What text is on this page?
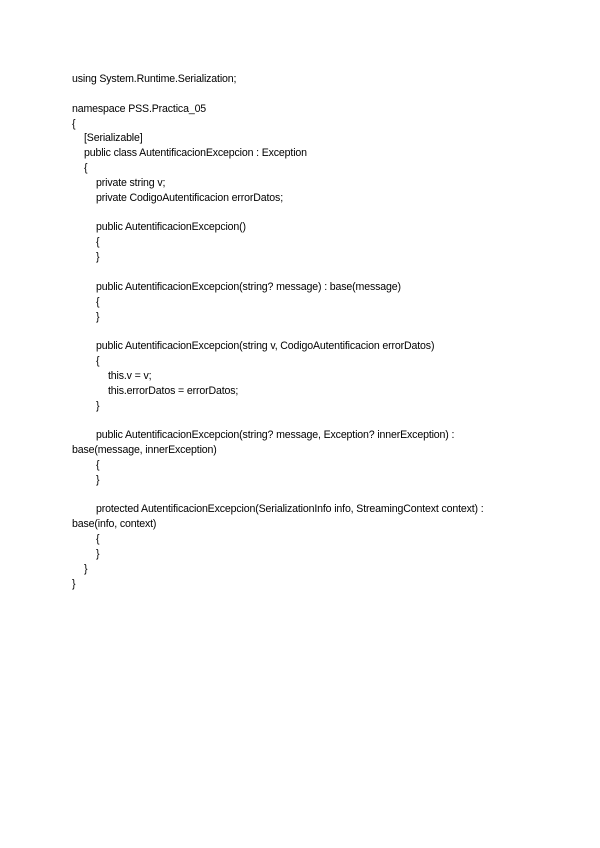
using System.Runtime.Serialization;
namespace PSS.Practica_05
{
[Serializable]
public class AutentificacionExcepcion : Exception
{
private string v;
private CodigoAutentificacion errorDatos;
public AutentificacionExcepcion()
{
}
public AutentificacionExcepcion(string? message) : base(message)
{
}
public AutentificacionExcepcion(string v, CodigoAutentificacion errorDatos)
{
this.v = v;
this.errorDatos = errorDatos;
}
public AutentificacionExcepcion(string? message, Exception? innerException) :
base(message, innerException)
{
}
protected AutentificacionExcepcion(SerializationInfo info, StreamingContext context) :
base(info, context)
{
}
}
}
